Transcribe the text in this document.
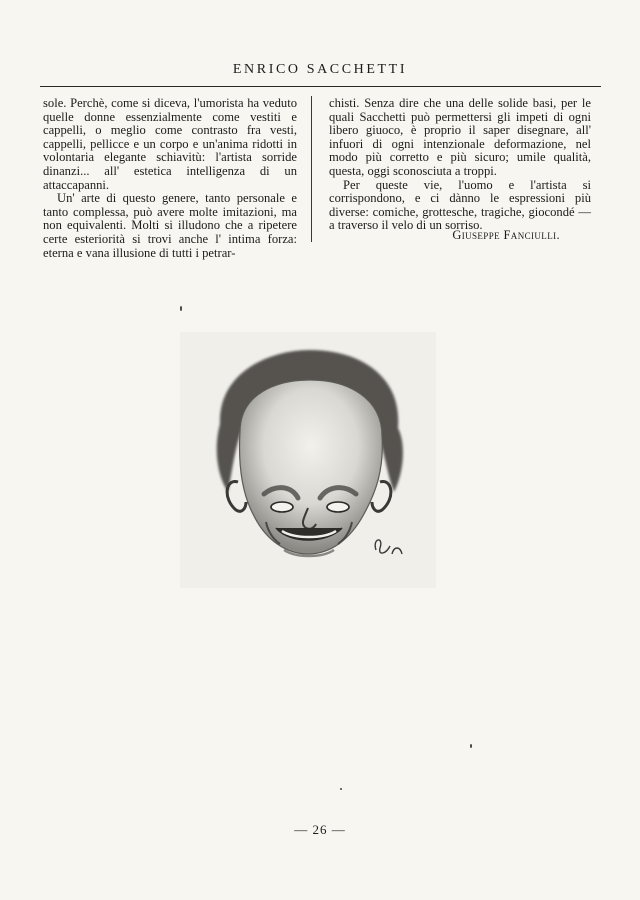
ENRICO SACCHETTI

sole. Perchè, come si diceva, l'umorista ha veduto quelle donne essenzialmente come vestiti e cappelli, o meglio come contrasto fra vesti, cappelli, pellicce e un corpo e un'anima ridotti in volontaria elegante schiavitù: l'artista sorride dinanzi... all' estetica intelligenza di un attaccapanni.

Un' arte di questo genere, tanto personale e tanto complessa, può avere molte imitazioni, ma non equivalenti. Molti si illudono che a ripetere certe esteriorità si trovi anche l' intima forza: eterna e vana illusione di tutti i petrar-

chisti. Senza dire che una delle solide basi, per le quali Sacchetti può permettersi gli impeti di ogni libero giuoco, è proprio il saper disegnare, all' infuori di ogni intenzionale deformazione, nel modo più corretto e più sicuro; umile qualità, questa, oggi sconosciuta a troppi.

Per queste vie, l'uomo e l'artista si corrispondono, e ci dànno le espressioni più diverse: comiche, grottesche, tragiche, giocondé — a traverso il velo di un sorriso.

Giuseppe Fanciulli.
— 26 —
